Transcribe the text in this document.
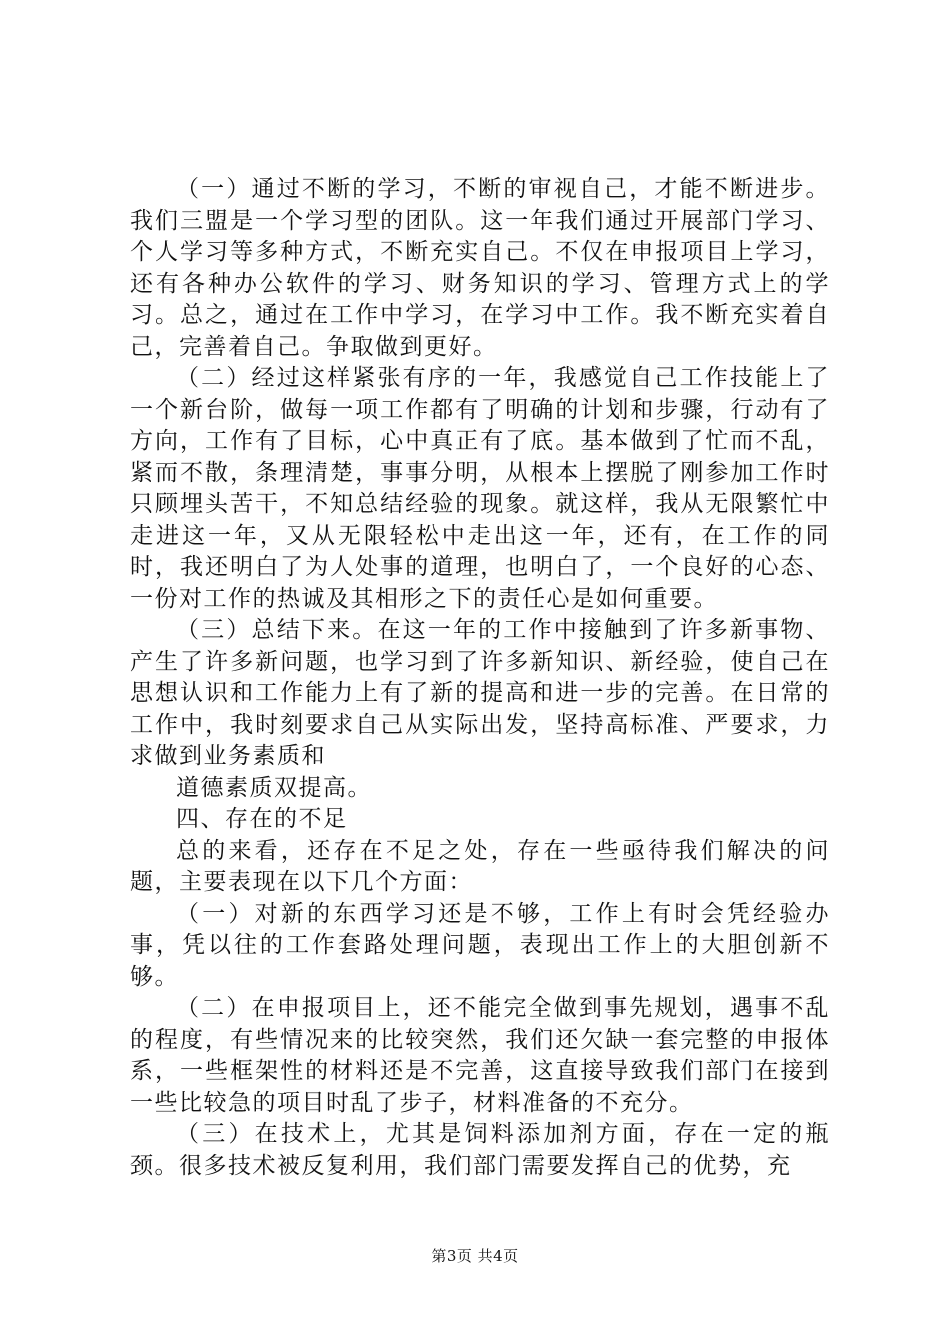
（一）通过不断的学习，不断的审视自己，才能不断进步。我们三盟是一个学习型的团队。这一年我们通过开展部门学习、个人学习等多种方式，不断充实自己。不仅在申报项目上学习，还有各种办公软件的学习、财务知识的学习、管理方式上的学习。总之，通过在工作中学习，在学习中工作。我不断充实着自己，完善着自己。争取做到更好。

（二）经过这样紧张有序的一年，我感觉自己工作技能上了一个新台阶，做每一项工作都有了明确的计划和步骤，行动有了方向，工作有了目标，心中真正有了底。基本做到了忙而不乱，紧而不散，条理清楚，事事分明，从根本上摆脱了刚参加工作时只顾埋头苦干，不知总结经验的现象。就这样，我从无限繁忙中走进这一年，又从无限轻松中走出这一年，还有，在工作的同时，我还明白了为人处事的道理，也明白了，一个良好的心态、一份对工作的热诚及其相形之下的责任心是如何重要。

（三）总结下来。在这一年的工作中接触到了许多新事物、产生了许多新问题，也学习到了许多新知识、新经验，使自己在思想认识和工作能力上有了新的提高和进一步的完善。在日常的工作中，我时刻要求自己从实际出发，坚持高标准、严要求，力求做到业务素质和

道德素质双提高。

四、存在的不足

总的来看，还存在不足之处，存在一些亟待我们解决的问题，主要表现在以下几个方面：

（一）对新的东西学习还是不够，工作上有时会凭经验办事，凭以往的工作套路处理问题，表现出工作上的大胆创新不够。

（二）在申报项目上，还不能完全做到事先规划，遇事不乱的程度，有些情况来的比较突然，我们还欠缺一套完整的申报体系，一些框架性的材料还是不完善，这直接导致我们部门在接到一些比较急的项目时乱了步子，材料准备的不充分。

（三）在技术上，尤其是饲料添加剂方面，存在一定的瓶颈。很多技术被反复利用，我们部门需要发挥自己的优势，充

第3页 共4页
